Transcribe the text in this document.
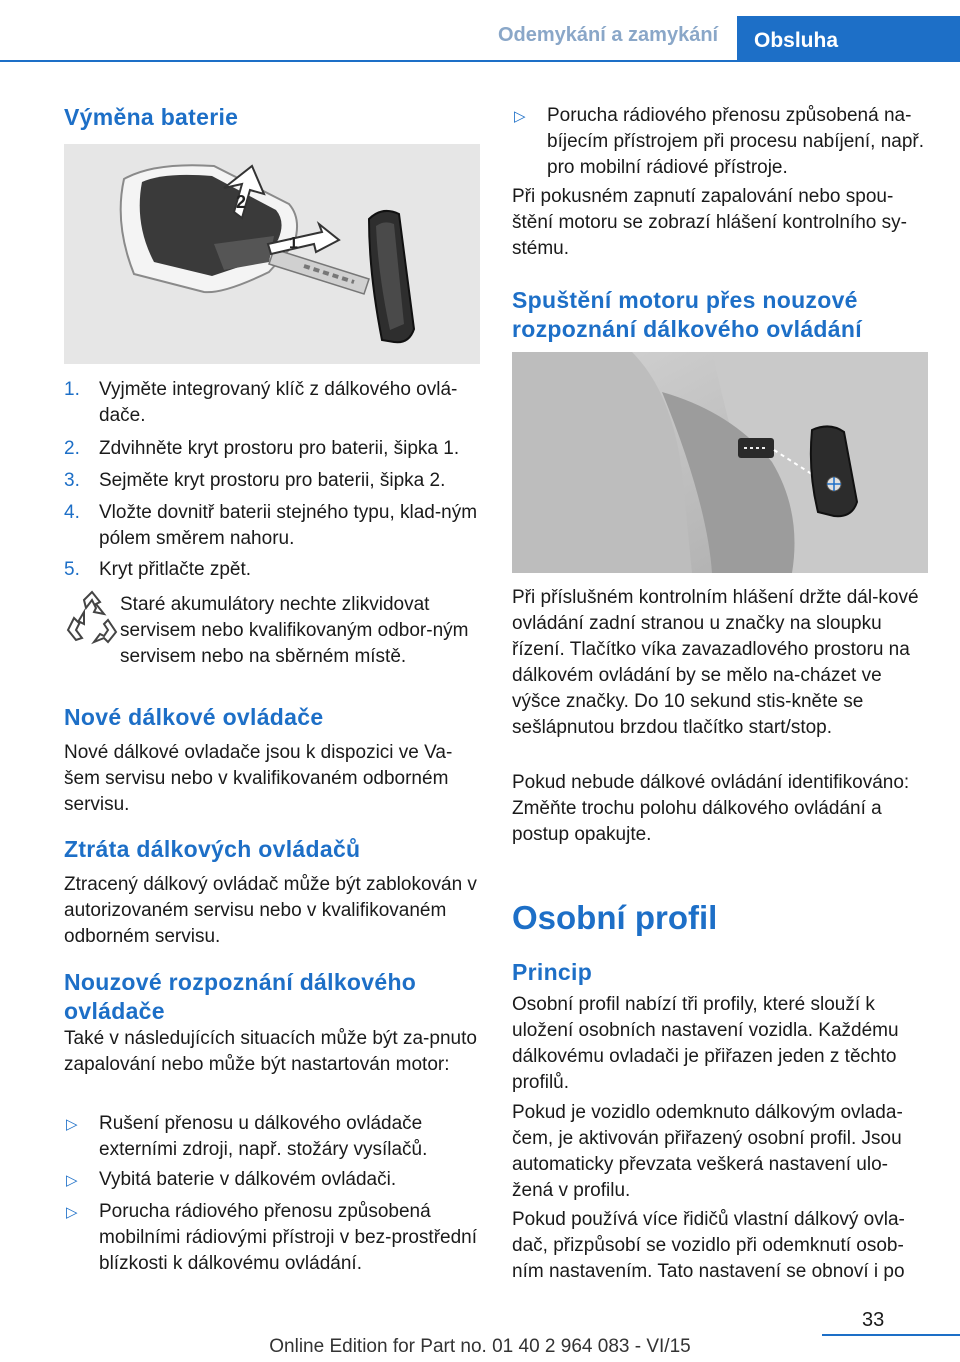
Odemykání a zamykání	Obsluha
Výměna baterie
2
1
1. Vyjměte integrovaný klíč z dálkového ovlá‐dače.
2. Zdvihněte kryt prostoru pro baterii, šipka 1.
3. Sejměte kryt prostoru pro baterii, šipka 2.
4. Vložte dovnitř baterii stejného typu, klad‐ným pólem směrem nahoru.
5. Kryt přitlačte zpět.

Staré akumulátory nechte zlikvidovat servisem nebo kvalifikovaným odbor‐ným servisem nebo na sběrném místě.

Nové dálkové ovládače

Nové dálkové ovladače jsou k dispozici ve Va‐šem servisu nebo v kvalifikovaném odborném servisu.

Ztráta dálkových ovládačů

Ztracený dálkový ovládač může být zablokován v autorizovaném servisu nebo v kvalifikovaném odborném servisu.

Nouzové rozpoznání dálkového ovládače

Také v následujících situacích může být za‐pnuto zapalování nebo může být nastartován motor:

▷ Rušení přenosu u dálkového ovládače externími zdroji, např. stožáry vysílačů.
▷ Vybitá baterie v dálkovém ovládači.
▷ Porucha rádiového přenosu způsobená mobilními rádiovými přístroji v bez‐prostřední blízkosti k dálkovému ovládání.
▷ Porucha rádiového přenosu způsobená na‐bíjecím přístrojem při procesu nabíjení, např. pro mobilní rádiové přístroje.

Při pokusném zapnutí zapalování nebo spou‐štění motoru se zobrazí hlášení kontrolního sy‐stému.

Spuštění motoru přes nouzové rozpoznání dálkového ovládání

Při příslušném kontrolním hlášení držte dál‐kové ovládání zadní stranou u značky na sloupku řízení. Tlačítko víka zavazadlového prostoru na dálkovém ovládání by se mělo na‐cházet ve výšce značky. Do 10 sekund stis‐kněte se sešlápnutou brzdou tlačítko start/stop.

Pokud nebude dálkové ovládání identifikováno: Změňte trochu polohu dálkového ovládání a postup opakujte.

Osobní profil
Princip

Osobní profil nabízí tři profily, které slouží k uložení osobních nastavení vozidla. Každému dálkovému ovladači je přiřazen jeden z těchto profilů.

Pokud je vozidlo odemknuto dálkovým ovlada‐čem, je aktivován přiřazený osobní profil. Jsou automaticky převzata veškerá nastavení ulo‐žená v profilu.

Pokud používá více řidičů vlastní dálkový ovla‐dač, přizpůsobí se vozidlo při odemknutí osob‐ním nastavením. Tato nastavení se obnoví i po

33
Online Edition for Part no. 01 40 2 964 083 - VI/15
